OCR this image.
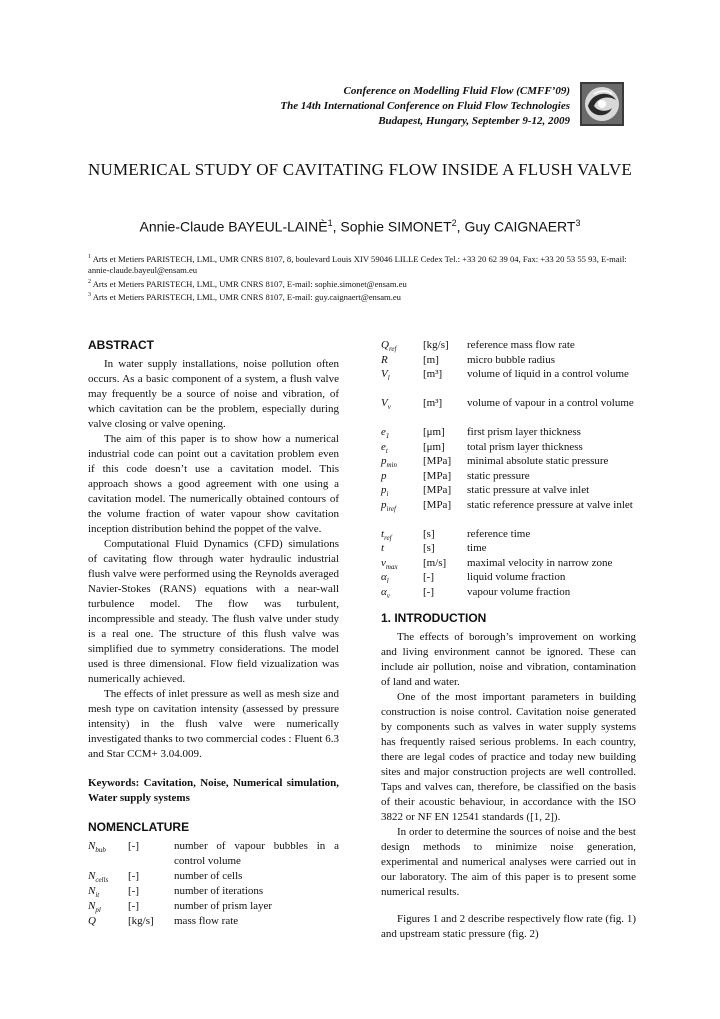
Conference on Modelling Fluid Flow (CMFF’09)
The 14th International Conference on Fluid Flow Technologies
Budapest, Hungary, September 9-12, 2009
NUMERICAL STUDY OF CAVITATING FLOW INSIDE A FLUSH VALVE
Annie-Claude BAYEUL-LAINÈ$^1$, Sophie SIMONET$^2$, Guy CAIGNAERT$^3$
$^1$ Arts et Metiers PARISTECH, LML, UMR CNRS 8107, 8, boulevard Louis XIV 59046 LILLE Cedex Tel.: +33 20 62 39 04, Fax: +33 20 53 55 93, E-mail: annie-claude.bayeul@ensam.eu
$^2$ Arts et Metiers PARISTECH, LML, UMR CNRS 8107, E-mail: sophie.simonet@ensam.eu
$^3$ Arts et Metiers PARISTECH, LML, UMR CNRS 8107, E-mail: guy.caignaert@ensam.eu
ABSTRACT

In water supply installations, noise pollution often occurs. As a basic component of a system, a flush valve may frequently be a source of noise and vibration, of which cavitation can be the problem, especially during valve closing or valve opening.

The aim of this paper is to show how a numerical industrial code can point out a cavitation problem even if this code doesn’t use a cavitation model. This approach shows a good agreement with one using a cavitation model. The numerically obtained contours of the volume fraction of water vapour show cavitation inception distribution behind the poppet of the valve.

Computational Fluid Dynamics (CFD) simulations of cavitating flow through water hydraulic industrial flush valve were performed using the Reynolds averaged Navier-Stokes (RANS) equations with a near-wall turbulence model. The flow was turbulent, incompressible and steady. The flush valve under study is a real one. The structure of this flush valve was simplified due to symmetry considerations. The model used is three dimensional. Flow field vizualization was numerically achieved.

The effects of inlet pressure as well as mesh size and mesh type on cavitation intensity (assessed by pressure intensity) in the flush valve were numerically investigated thanks to two commercial codes : Fluent 6.3 and Star CCM+ 3.04.009.

Keywords: Cavitation, Noise, Numerical simulation, Water supply systems

NOMENCLATURE
$N_{bub}$ [-]	number of vapour bubbles in a control volume
$N_{cells}$ [-]	number of cells
$N_{it}$	[-]	number of iterations
$N_{pl}$ [-]	number of prism layer
Q	[kg/s] mass flow rate
$Q_{ref}$ [kg/s] reference mass flow rate
R	[m]	micro bubble radius
$V_l$	[m³] volume of liquid in a control volume
$V_v$	[m³] volume of vapour in a control volume
$e_1$	[μm] first prism layer thickness
$e_t$	[μm] total prism layer thickness
$p_{min}$ [MPa] minimal absolute static pressure
p	[MPa] static pressure
$p_i$	[MPa] static pressure at valve inlet
$p_{iref}$ [MPa] static reference pressure at valve inlet
$t_{ref}$	[s]	reference time
t	[s]	time
$v_{max}$ [m/s] maximal velocity in narrow zone
$\alpha_l$	[-]	liquid volume fraction
$\alpha_v$	[-]	vapour volume fraction
1. INTRODUCTION

The effects of borough’s improvement on working and living environment cannot be ignored. These can include air pollution, noise and vibration, contamination of land and water.

One of the most important parameters in building construction is noise control. Cavitation noise generated by components such as valves in water supply systems has frequently raised serious problems. In each country, there are legal codes of practice and today new building sites and major construction projects are well controlled. Taps and valves can, therefore, be classified on the basis of their acoustic behaviour, in accordance with the ISO 3822 or NF EN 12541 standards ([1, 2]).

In order to determine the sources of noise and the best design methods to minimize noise generation, experimental and numerical analyses were carried out in our laboratory. The aim of this paper is to present some numerical results.

Figures 1 and 2 describe respectively flow rate (fig. 1) and upstream static pressure (fig. 2)
